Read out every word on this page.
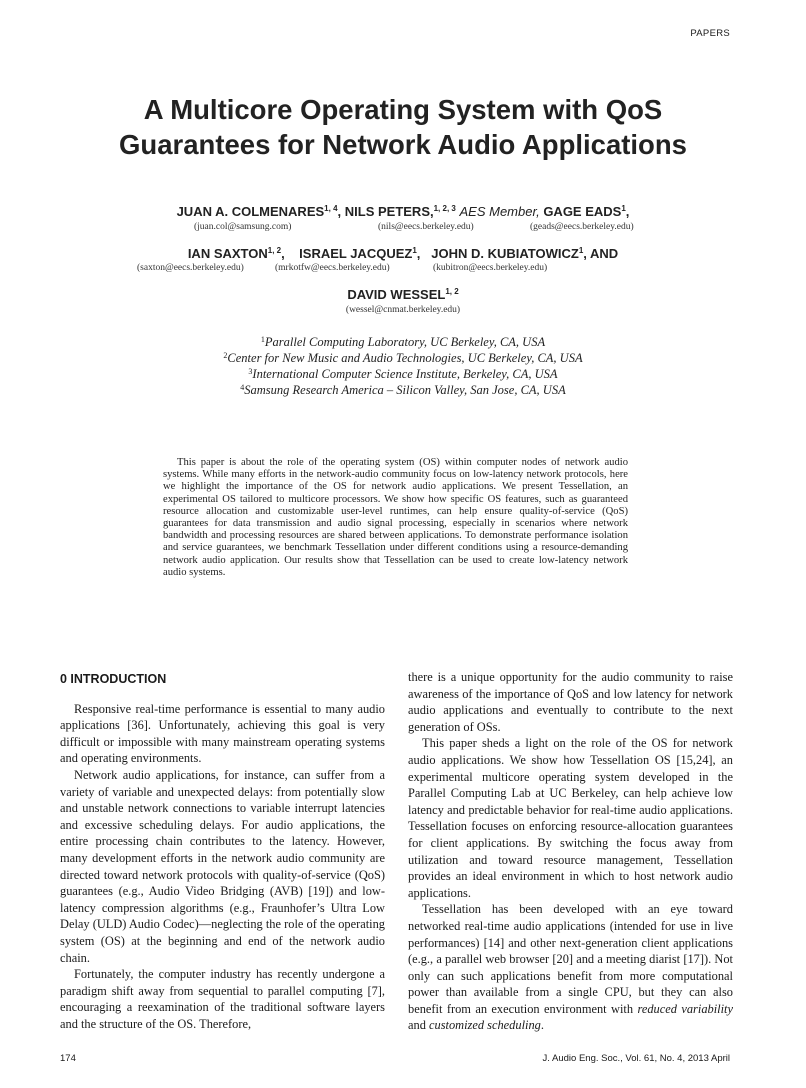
PAPERS
A Multicore Operating System with QoS
Guarantees for Network Audio Applications
JUAN A. COLMENARES$^{1, 4}$, NILS PETERS,$^{1, 2, 3}$ AES Member, GAGE EADS$^1$,
(juan.col@samsung.com)	(nils@eecs.berkeley.edu)	(geads@eecs.berkeley.edu)
IAN SAXTON$^{1, 2}$,    ISRAEL JACQUEZ$^1$,   JOHN D. KUBIATOWICZ$^1$, AND
(saxton@eecs.berkeley.edu)	(mrkotfw@eecs.berkeley.edu)	(kubitron@eecs.berkeley.edu)
DAVID WESSEL$^{1, 2}$
(wessel@cnmat.berkeley.edu)
$^1$Parallel Computing Laboratory, UC Berkeley, CA, USA
$^2$Center for New Music and Audio Technologies, UC Berkeley, CA, USA
$^3$International Computer Science Institute, Berkeley, CA, USA
$^4$Samsung Research America – Silicon Valley, San Jose, CA, USA

This paper is about the role of the operating system (OS) within computer nodes of network audio systems. While many efforts in the network-audio community focus on low-latency network protocols, here we highlight the importance of the OS for network audio applications. We present Tessellation, an experimental OS tailored to multicore processors. We show how specific OS features, such as guaranteed resource allocation and customizable user-level runtimes, can help ensure quality-of-service (QoS) guarantees for data transmission and audio signal processing, especially in scenarios where network bandwidth and processing resources are shared between applications. To demonstrate performance isolation and service guarantees, we benchmark Tessellation under different conditions using a resource-demanding network audio application. Our results show that Tessellation can be used to create low-latency network audio systems.

0 INTRODUCTION

Responsive real-time performance is essential to many audio applications [36]. Unfortunately, achieving this goal is very difficult or impossible with many mainstream operating systems and operating environments.

Network audio applications, for instance, can suffer from a variety of variable and unexpected delays: from potentially slow and unstable network connections to variable interrupt latencies and excessive scheduling delays. For audio applications, the entire processing chain contributes to the latency. However, many development efforts in the network audio community are directed toward network protocols with quality-of-service (QoS) guarantees (e.g., Audio Video Bridging (AVB) [19]) and low-latency compression algorithms (e.g., Fraunhofer’s Ultra Low Delay (ULD) Audio Codec)—neglecting the role of the operating system (OS) at the beginning and end of the network audio chain.

Fortunately, the computer industry has recently undergone a paradigm shift away from sequential to parallel computing [7], encouraging a reexamination of the traditional software layers and the structure of the OS. Therefore,

there is a unique opportunity for the audio community to raise awareness of the importance of QoS and low latency for network audio applications and eventually to contribute to the next generation of OSs.

This paper sheds a light on the role of the OS for network audio applications. We show how Tessellation OS [15,24], an experimental multicore operating system developed in the Parallel Computing Lab at UC Berkeley, can help achieve low latency and predictable behavior for real-time audio applications. Tessellation focuses on enforcing resource-allocation guarantees for client applications. By switching the focus away from utilization and toward resource management, Tessellation provides an ideal environment in which to host network audio applications.

Tessellation has been developed with an eye toward networked real-time audio applications (intended for use in live performances) [14] and other next-generation client applications (e.g., a parallel web browser [20] and a meeting diarist [17]). Not only can such applications benefit from more computational power than available from a single CPU, but they can also benefit from an execution environment with reduced variability and customized scheduling.

174	J. Audio Eng. Soc., Vol. 61, No. 4, 2013 April
